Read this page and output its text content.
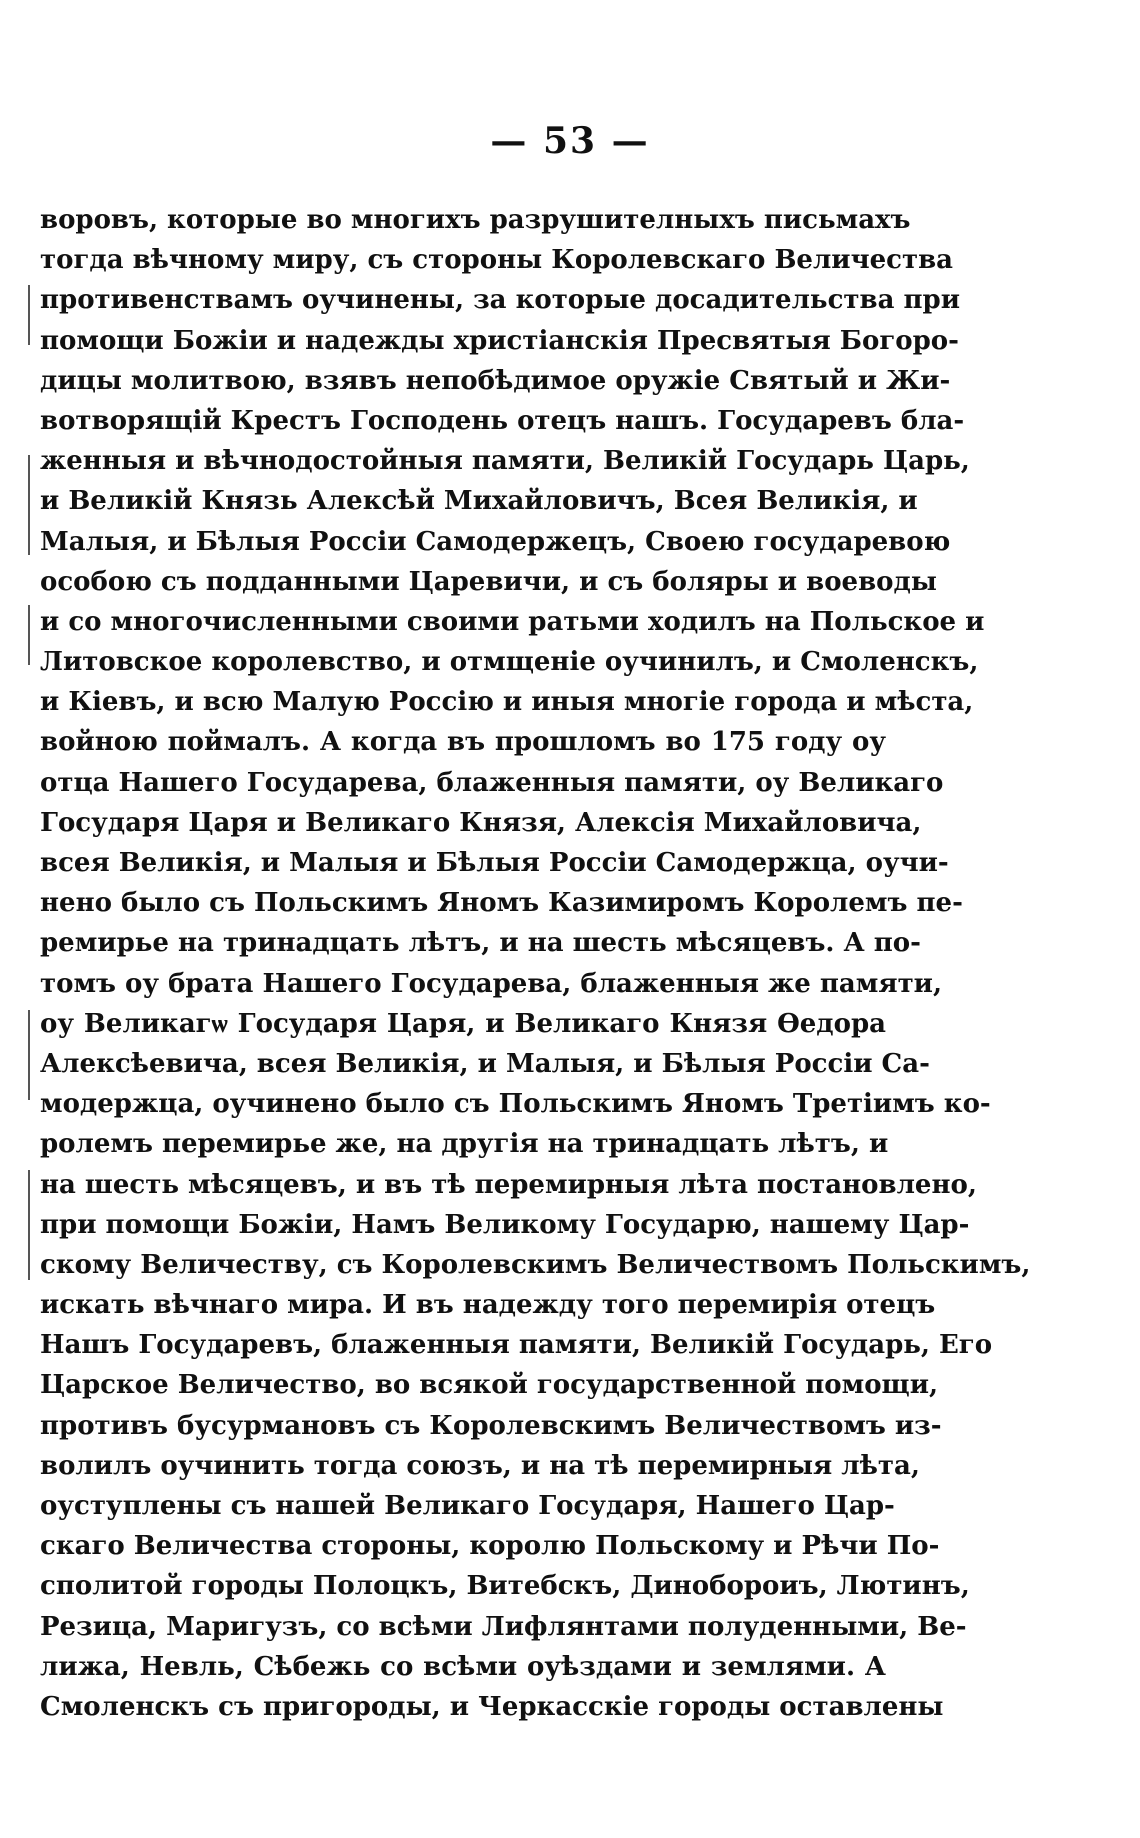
— 53 —
воровъ, которые во многихъ разрушителныхъ письмахъ
тогда вѣчному миру, съ стороны Королевскаго Величества
противенствамъ оучинены, за которые досадительства при
помощи Божіи и надежды христіанскія Пресвятыя Богоро-
дицы молитвою, взявъ непобѣдимое оружіе Святый и Жи-
вотворящій Крестъ Господень отецъ нашъ. Государевъ бла-
женныя и вѣчнодостойныя памяти, Великій Государь Царь,
и Великій Князь Алексѣй Михайловичъ, Всея Великія, и
Малыя, и Бѣлыя Россіи Самодержецъ, Своею государевою
особою съ подданными Царевичи, и съ боляры и воеводы
и со многочисленными своими ратьми ходилъ на Польское и
Литовское королевство, и отмщеніе оучинилъ, и Смоленскъ,
и Кіевъ, и всю Малую Россію и иныя многіе города и мѣста,
войною поймалъ. А когда въ прошломъ во 175 году оу
отца Нашего Государева, блаженныя памяти, оу Великаго
Государя Царя и Великаго Князя, Алексія Михайловича,
всея Великія, и Малыя и Бѣлыя Россіи Самодержца, оучи-
нено было съ Польскимъ Яномъ Казимиромъ Королемъ пе-
ремирье на тринадцать лѣтъ, и на шесть мѣсяцевъ. А по-
томъ оу брата Нашего Государева, блаженныя же памяти,
оу Великагѡ Государя Царя, и Великаго Князя Ѳедора
Алексѣевича, всея Великія, и Малыя, и Бѣлыя Россіи Са-
модержца, оучинено было съ Польскимъ Яномъ Третіимъ ко-
ролемъ перемирье же, на другія на тринадцать лѣтъ, и
на шесть мѣсяцевъ, и въ тѣ перемирныя лѣта постановлено,
при помощи Божіи, Намъ Великому Государю, нашему Цар-
скому Величеству, съ Королевскимъ Величествомъ Польскимъ,
искать вѣчнаго мира. И въ надежду того перемирія отецъ
Нашъ Государевъ, блаженныя памяти, Великій Государь, Его
Царское Величество, во всякой государственной помощи,
противъ бусурмановъ съ Королевскимъ Величествомъ из-
волилъ оучинить тогда союзъ, и на тѣ перемирныя лѣта,
оуступлены съ нашей Великаго Государя, Нашего Цар-
скаго Величества стороны, королю Польскому и Рѣчи По-
сполитой городы Полоцкъ, Витебскъ, Динобороиъ, Лютинъ,
Резица, Маригузъ, со всѣми Лифлянтами полуденными, Ве-
лижа, Невль, Сѣбежь со всѣми оуѣздами и землями. А
Смоленскъ съ пригороды, и Черкасскіе городы оставлены
